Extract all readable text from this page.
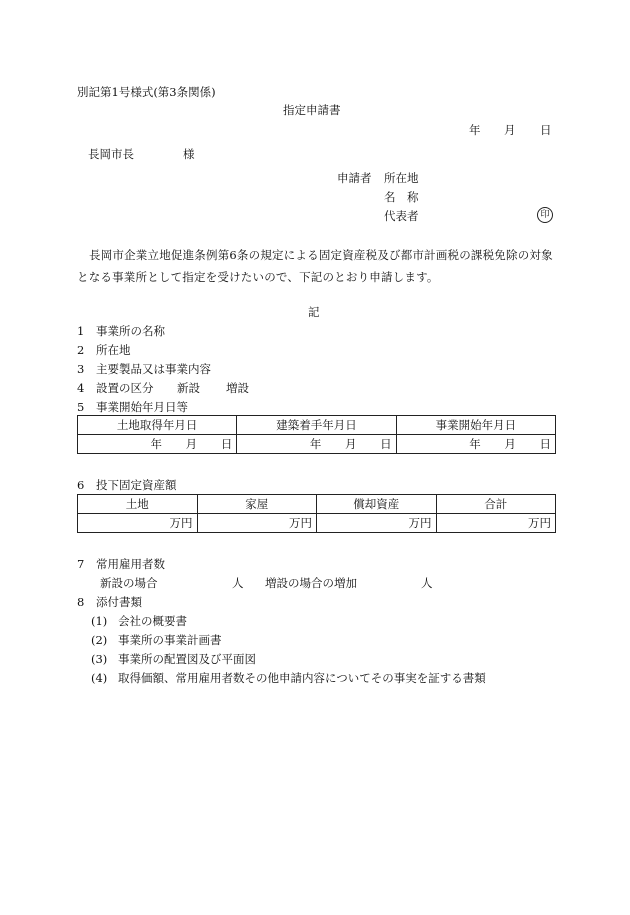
別記第1号様式(第3条関係)
指定申請書
年 月 日
長岡市長	様
申請者 所在地
名　称
代表者	印
長岡市企業立地促進条例第6条の規定による固定資産税及び都市計画税の課税免除の対象となる事業所として指定を受けたいので、下記のとおり申請します。
記
1 事業所の名称
2 所在地
3 主要製品又は事業内容
4 設置の区分 新設 増設
5 事業開始年月日等
土地取得年月日	建築着手年月日	事業開始年月日
年 月 日	年 月 日	年 月 日
6 投下固定資産額
土地	家屋	償却資産	合計
万円	万円	万円	万円
7 常用雇用者数
新設の場合	人 増設の場合の増加	人
8 添付書類
(1) 会社の概要書
(2) 事業所の事業計画書
(3) 事業所の配置図及び平面図
(4) 取得価額、常用雇用者数その他申請内容についてその事実を証する書類
